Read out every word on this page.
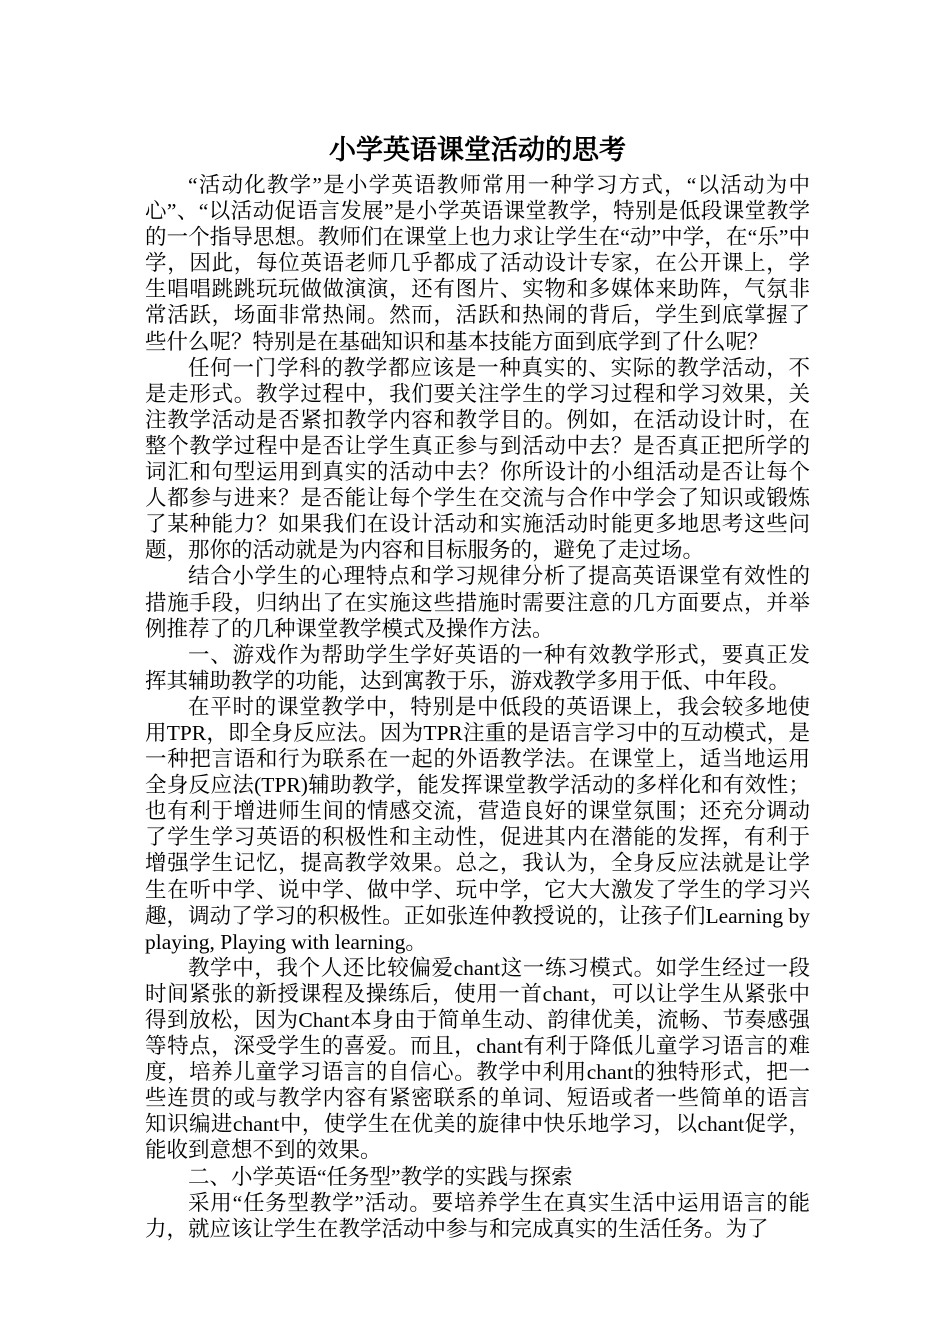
小学英语课堂活动的思考

“活动化教学”是小学英语教师常用一种学习方式，“以活动为中心”、“以活动促语言发展”是小学英语课堂教学，特别是低段课堂教学的一个指导思想。教师们在课堂上也力求让学生在“动”中学，在“乐”中学，因此，每位英语老师几乎都成了活动设计专家，在公开课上，学生唱唱跳跳玩玩做做演演，还有图片、实物和多媒体来助阵，气氛非常活跃，场面非常热闹。然而，活跃和热闹的背后，学生到底掌握了些什么呢？特别是在基础知识和基本技能方面到底学到了什么呢？

任何一门学科的教学都应该是一种真实的、实际的教学活动，不是走形式。教学过程中，我们要关注学生的学习过程和学习效果，关注教学活动是否紧扣教学内容和教学目的。例如，在活动设计时，在整个教学过程中是否让学生真正参与到活动中去？是否真正把所学的词汇和句型运用到真实的活动中去？你所设计的小组活动是否让每个人都参与进来？是否能让每个学生在交流与合作中学会了知识或锻炼了某种能力？如果我们在设计活动和实施活动时能更多地思考这些问题，那你的活动就是为内容和目标服务的，避免了走过场。

结合小学生的心理特点和学习规律分析了提高英语课堂有效性的措施手段，归纳出了在实施这些措施时需要注意的几方面要点，并举例推荐了的几种课堂教学模式及操作方法。

一、游戏作为帮助学生学好英语的一种有效教学形式，要真正发挥其辅助教学的功能，达到寓教于乐，游戏教学多用于低、中年段。

在平时的课堂教学中，特别是中低段的英语课上，我会较多地使用TPR，即全身反应法。因为TPR注重的是语言学习中的互动模式，是一种把言语和行为联系在一起的外语教学法。在课堂上，适当地运用全身反应法(TPR)辅助教学，能发挥课堂教学活动的多样化和有效性；也有利于增进师生间的情感交流，营造良好的课堂氛围；还充分调动了学生学习英语的积极性和主动性，促进其内在潜能的发挥，有利于增强学生记忆，提高教学效果。总之，我认为，全身反应法就是让学生在听中学、说中学、做中学、玩中学，它大大激发了学生的学习兴趣，调动了学习的积极性。正如张连仲教授说的，让孩子们Learning by playing, Playing with learning。

教学中，我个人还比较偏爱chant这一练习模式。如学生经过一段时间紧张的新授课程及操练后，使用一首chant，可以让学生从紧张中得到放松，因为Chant本身由于简单生动、韵律优美，流畅、节奏感强等特点，深受学生的喜爱。而且，chant有利于降低儿童学习语言的难度，培养儿童学习语言的自信心。教学中利用chant的独特形式，把一些连贯的或与教学内容有紧密联系的单词、短语或者一些简单的语言知识编进chant中，使学生在优美的旋律中快乐地学习，以chant促学，能收到意想不到的效果。

二、小学英语“任务型”教学的实践与探索

采用“任务型教学”活动。要培养学生在真实生活中运用语言的能力，就应该让学生在教学活动中参与和完成真实的生活任务。为了
